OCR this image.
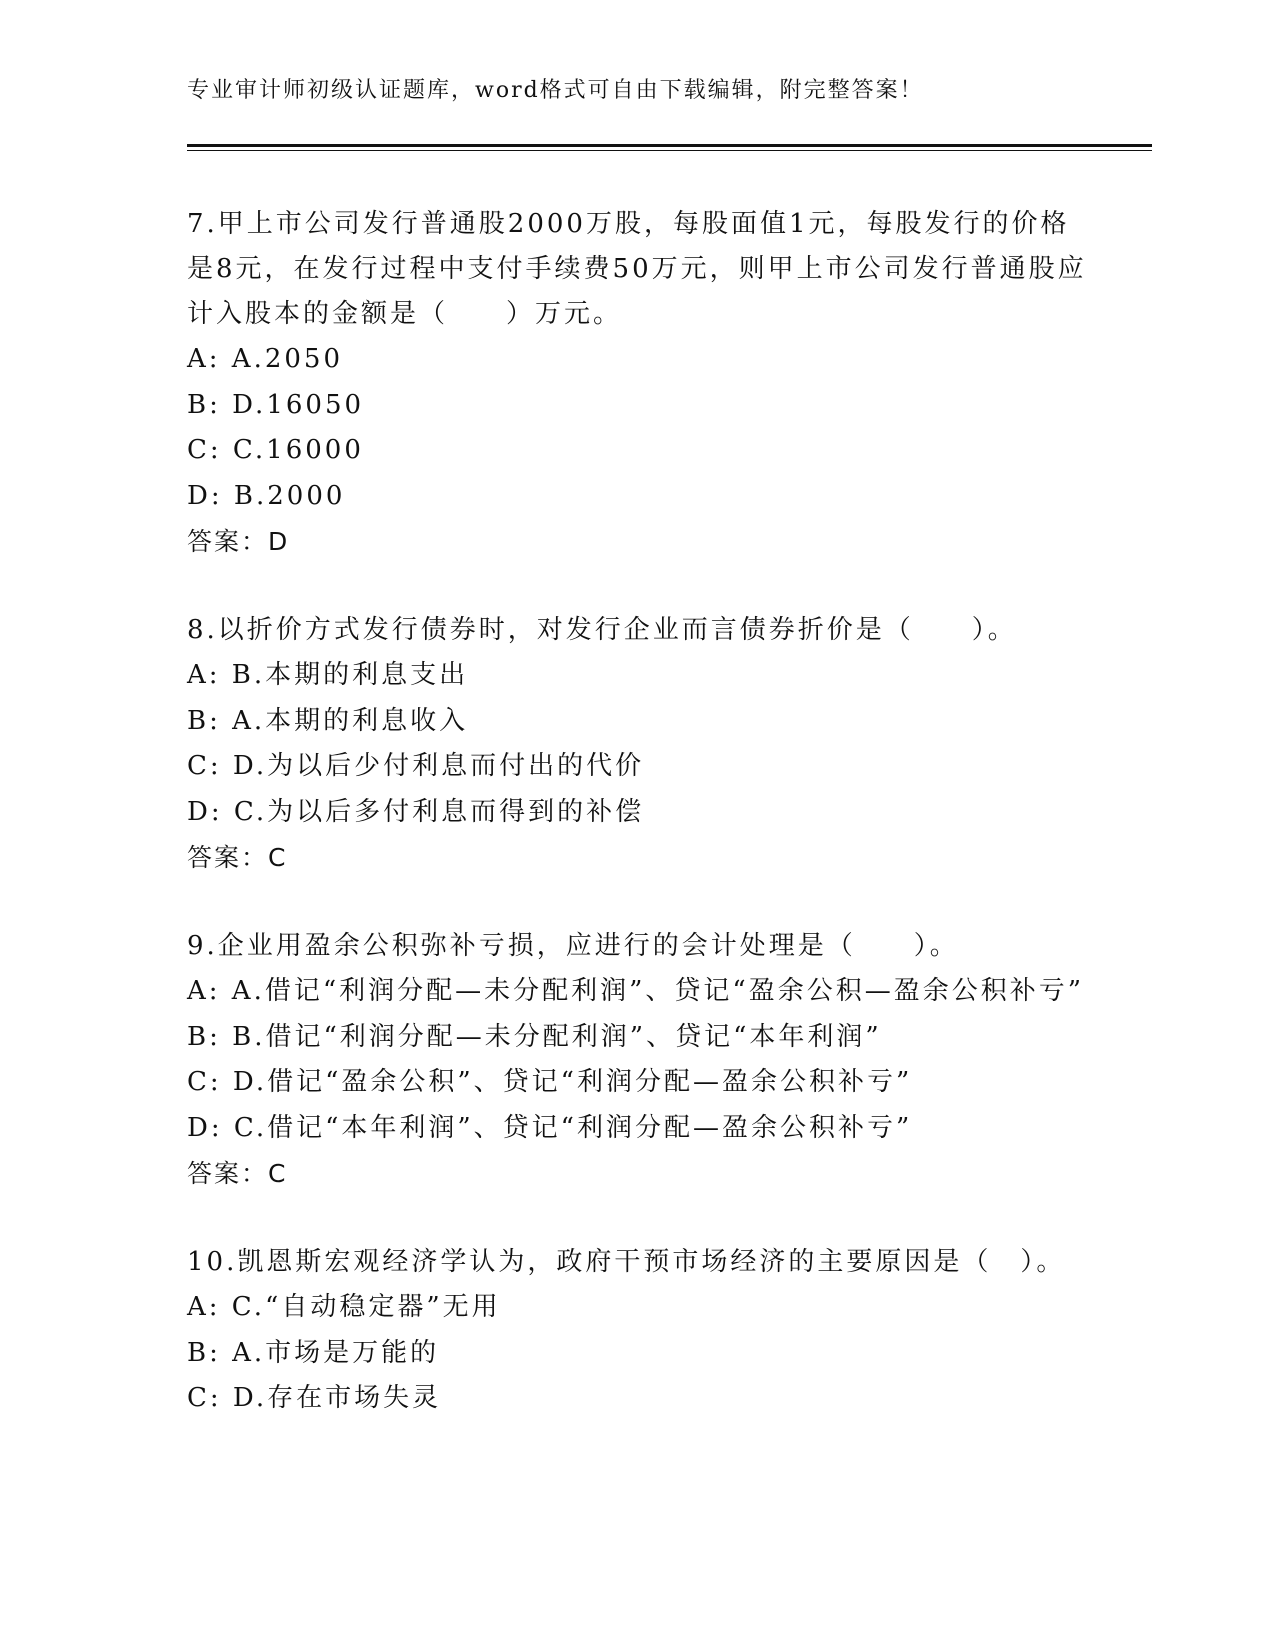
专业审计师初级认证题库，word格式可自由下载编辑，附完整答案！
7.甲上市公司发行普通股2000万股，每股面值1元，每股发行的价格是8元，在发行过程中支付手续费50万元，则甲上市公司发行普通股应计入股本的金额是（　　）万元。
A: A.2050
B: D.16050
C: C.16000
D: B.2000
答案：D
8.以折价方式发行债券时，对发行企业而言债券折价是（　　）。
A: B.本期的利息支出
B: A.本期的利息收入
C: D.为以后少付利息而付出的代价
D: C.为以后多付利息而得到的补偿
答案：C
9.企业用盈余公积弥补亏损，应进行的会计处理是（　　）。
A: A.借记“利润分配—未分配利润”、贷记“盈余公积—盈余公积补亏”
B: B.借记“利润分配—未分配利润”、贷记“本年利润”
C: D.借记“盈余公积”、贷记“利润分配—盈余公积补亏”
D: C.借记“本年利润”、贷记“利润分配—盈余公积补亏”
答案：C
10.凯恩斯宏观经济学认为，政府干预市场经济的主要原因是（　）。
A: C.“自动稳定器”无用
B: A.市场是万能的
C: D.存在市场失灵
